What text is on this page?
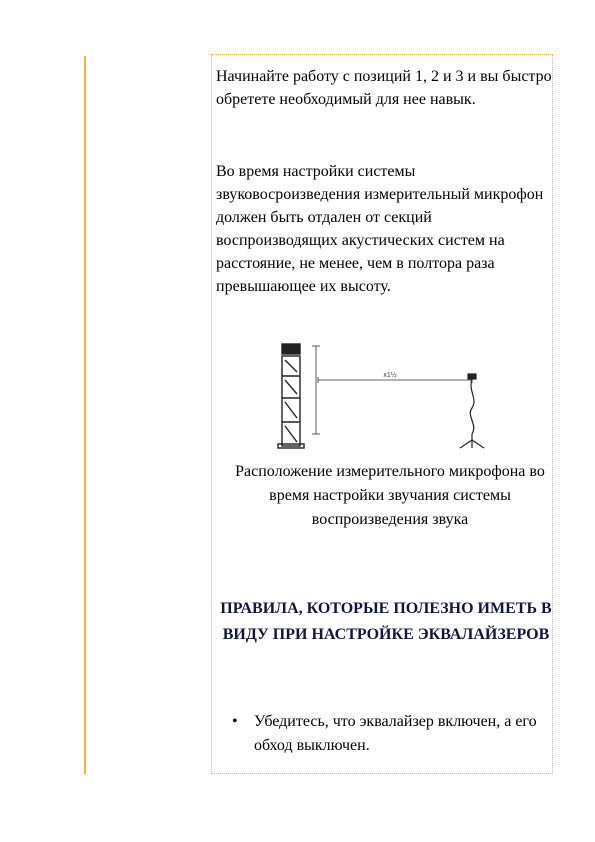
Начинайте работу с позиций 1, 2 и 3 и вы быстро обретете необходимый для нее навык.

Во время настройки системы звуковосроизведения измерительный микрофон должен быть отдален от секций воспроизводящих акустических систем на расстояние, не менее, чем в полтора раза превышающее их высоту.

x1½

Расположение измерительного микрофона во время настройки звучания системы воспроизведения звука

ПРАВИЛА, КОТОРЫЕ ПОЛЕЗНО ИМЕТЬ В ВИДУ ПРИ НАСТРОЙКЕ ЭКВАЛАЙЗЕРОВ
• Убедитесь, что эквалайзер включен, а его обход выключен.
